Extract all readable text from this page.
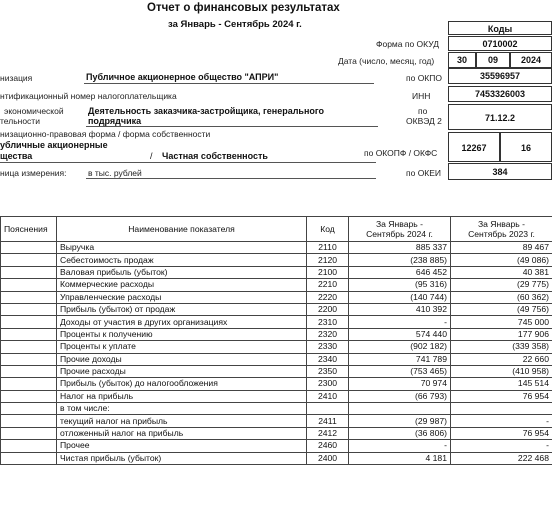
Отчет о финансовых результатах
за Январь - Сентябрь 2024 г.	Коды
Форма по ОКУД	0710002
Дата (число, месяц, год)	30	09	2024
низация	Публичное акционерное общество "АПРИ"	по ОКПО	35596957
нтификационный номер налогоплательщика	ИНН	7453326003
экономической
тельности
Деятельность заказчика-застройщика, генерального
подрядчика
по
ОКВЭД 2	71.12.2
низационно-правовая форма / форма собственности
убличные акционерные
щества	/ Частная собственность	по ОКОПФ / ОКФС	12267	16
ница измерения:	в тыс. рублей	по ОКЕИ	384
Пояснения	Наименование показателя	Код	За Январь -
Сентябрь 2024 г.	За Январь -
Сентябрь 2023 г.
	Выручка	2110	885 337	89 467
	Себестоимость продаж	2120	(238 885)	(49 086)
	Валовая прибыль (убыток)	2100	646 452	40 381
	Коммерческие расходы	2210	(95 316)	(29 775)
	Управленческие расходы	2220	(140 744)	(60 362)
	Прибыль (убыток) от продаж	2200	410 392	(49 756)
	Доходы от участия в других организациях	2310	-	745 000
	Проценты к получению	2320	574 440	177 906
	Проценты к уплате	2330	(902 182)	(339 358)
	Прочие доходы	2340	741 789	22 660
	Прочие расходы	2350	(753 465)	(410 958)
	Прибыль (убыток) до налогообложения	2300	70 974	145 514
	Налог на прибыль	2410	(66 793)	76 954
	в том числе:			
	текущий налог на прибыль	2411	(29 987)	-
	отложенный налог на прибыль	2412	(36 806)	76 954
	Прочее	2460	-	-
	Чистая прибыль (убыток)	2400	4 181	222 468
